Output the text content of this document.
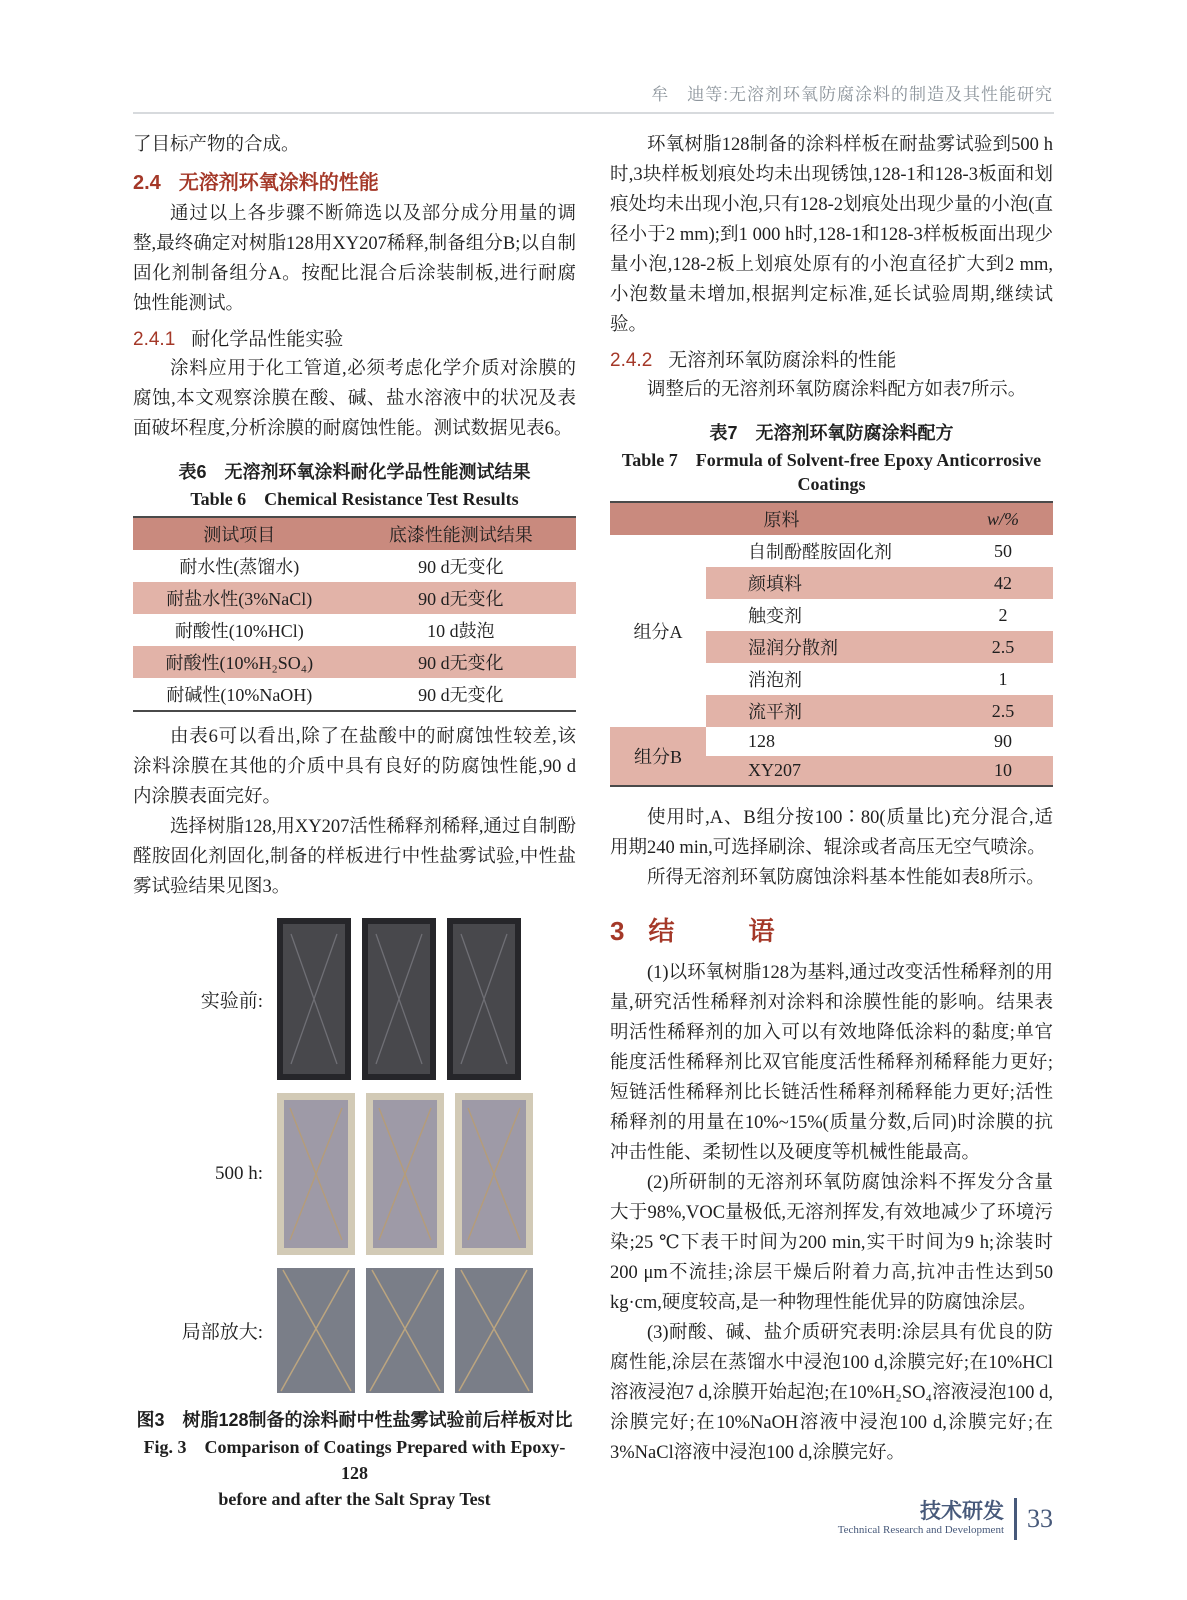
牟　迪等:无溶剂环氧防腐涂料的制造及其性能研究

了目标产物的合成。

2.4 无溶剂环氧涂料的性能

通过以上各步骤不断筛选以及部分成分用量的调整,最终确定对树脂128用XY207稀释,制备组分B;以自制固化剂制备组分A。按配比混合后涂装制板,进行耐腐蚀性能测试。

2.4.1 耐化学品性能实验

涂料应用于化工管道,必须考虑化学介质对涂膜的腐蚀,本文观察涂膜在酸、碱、盐水溶液中的状况及表面破坏程度,分析涂膜的耐腐蚀性能。测试数据见表6。

表6　无溶剂环氧涂料耐化学品性能测试结果

Table 6　Chemical Resistance Test Results

测试项目	底漆性能测试结果
耐水性(蒸馏水)	90 d无变化
耐盐水性(3%NaCl)	90 d无变化
耐酸性(10%HCl)	10 d鼓泡
耐酸性(10%H₂SO₄)	90 d无变化
耐碱性(10%NaOH)	90 d无变化

由表6可以看出,除了在盐酸中的耐腐蚀性较差,该涂料涂膜在其他的介质中具有良好的防腐蚀性能,90 d内涂膜表面完好。

选择树脂128,用XY207活性稀释剂稀释,通过自制酚醛胺固化剂固化,制备的样板进行中性盐雾试验,中性盐雾试验结果见图3。

实验前:
500 h:
局部放大:

图3　树脂128制备的涂料耐中性盐雾试验前后样板对比

Fig. 3　Comparison of Coatings Prepared with Epoxy-128
before and after the Salt Spray Test

环氧树脂128制备的涂料样板在耐盐雾试验到500 h时,3块样板划痕处均未出现锈蚀,128-1和128-3板面和划痕处均未出现小泡,只有128-2划痕处出现少量的小泡(直径小于2 mm);到1 000 h时,128-1和128-3样板板面出现少量小泡,128-2板上划痕处原有的小泡直径扩大到2 mm,小泡数量未增加,根据判定标准,延长试验周期,继续试验。

2.4.2 无溶剂环氧防腐涂料的性能

调整后的无溶剂环氧防腐涂料配方如表7所示。

表7　无溶剂环氧防腐涂料配方

Table 7　Formula of Solvent-free Epoxy Anticorrosive
Coatings

原料		w/%
组分A	自制酚醛胺固化剂	50
	颜填料	42
	触变剂	2
	湿润分散剂	2.5
	消泡剂	1
	流平剂	2.5
组分B	128	90
	XY207	10

使用时,A、B组分按100∶80(质量比)充分混合,适用期240 min,可选择刷涂、辊涂或者高压无空气喷涂。

所得无溶剂环氧防腐蚀涂料基本性能如表8所示。

3 结　语

(1)以环氧树脂128为基料,通过改变活性稀释剂的用量,研究活性稀释剂对涂料和涂膜性能的影响。结果表明活性稀释剂的加入可以有效地降低涂料的黏度;单官能度活性稀释剂比双官能度活性稀释剂稀释能力更好;短链活性稀释剂比长链活性稀释剂稀释能力更好;活性稀释剂的用量在10%~15%(质量分数,后同)时涂膜的抗冲击性能、柔韧性以及硬度等机械性能最高。

(2)所研制的无溶剂环氧防腐蚀涂料不挥发分含量大于98%,VOC量极低,无溶剂挥发,有效地减少了环境污染;25 ℃下表干时间为200 min,实干时间为9 h;涂装时200 μm不流挂;涂层干燥后附着力高,抗冲击性达到50 kg·cm,硬度较高,是一种物理性能优异的防腐蚀涂层。

(3)耐酸、碱、盐介质研究表明:涂层具有优良的防腐性能,涂层在蒸馏水中浸泡100 d,涂膜完好;在10%HCl溶液浸泡7 d,涂膜开始起泡;在10%H₂SO₄溶液浸泡100 d,涂膜完好;在10%NaOH溶液中浸泡100 d,涂膜完好;在3%NaCl溶液中浸泡100 d,涂膜完好。

技术研发
Technical Research and Development 33
